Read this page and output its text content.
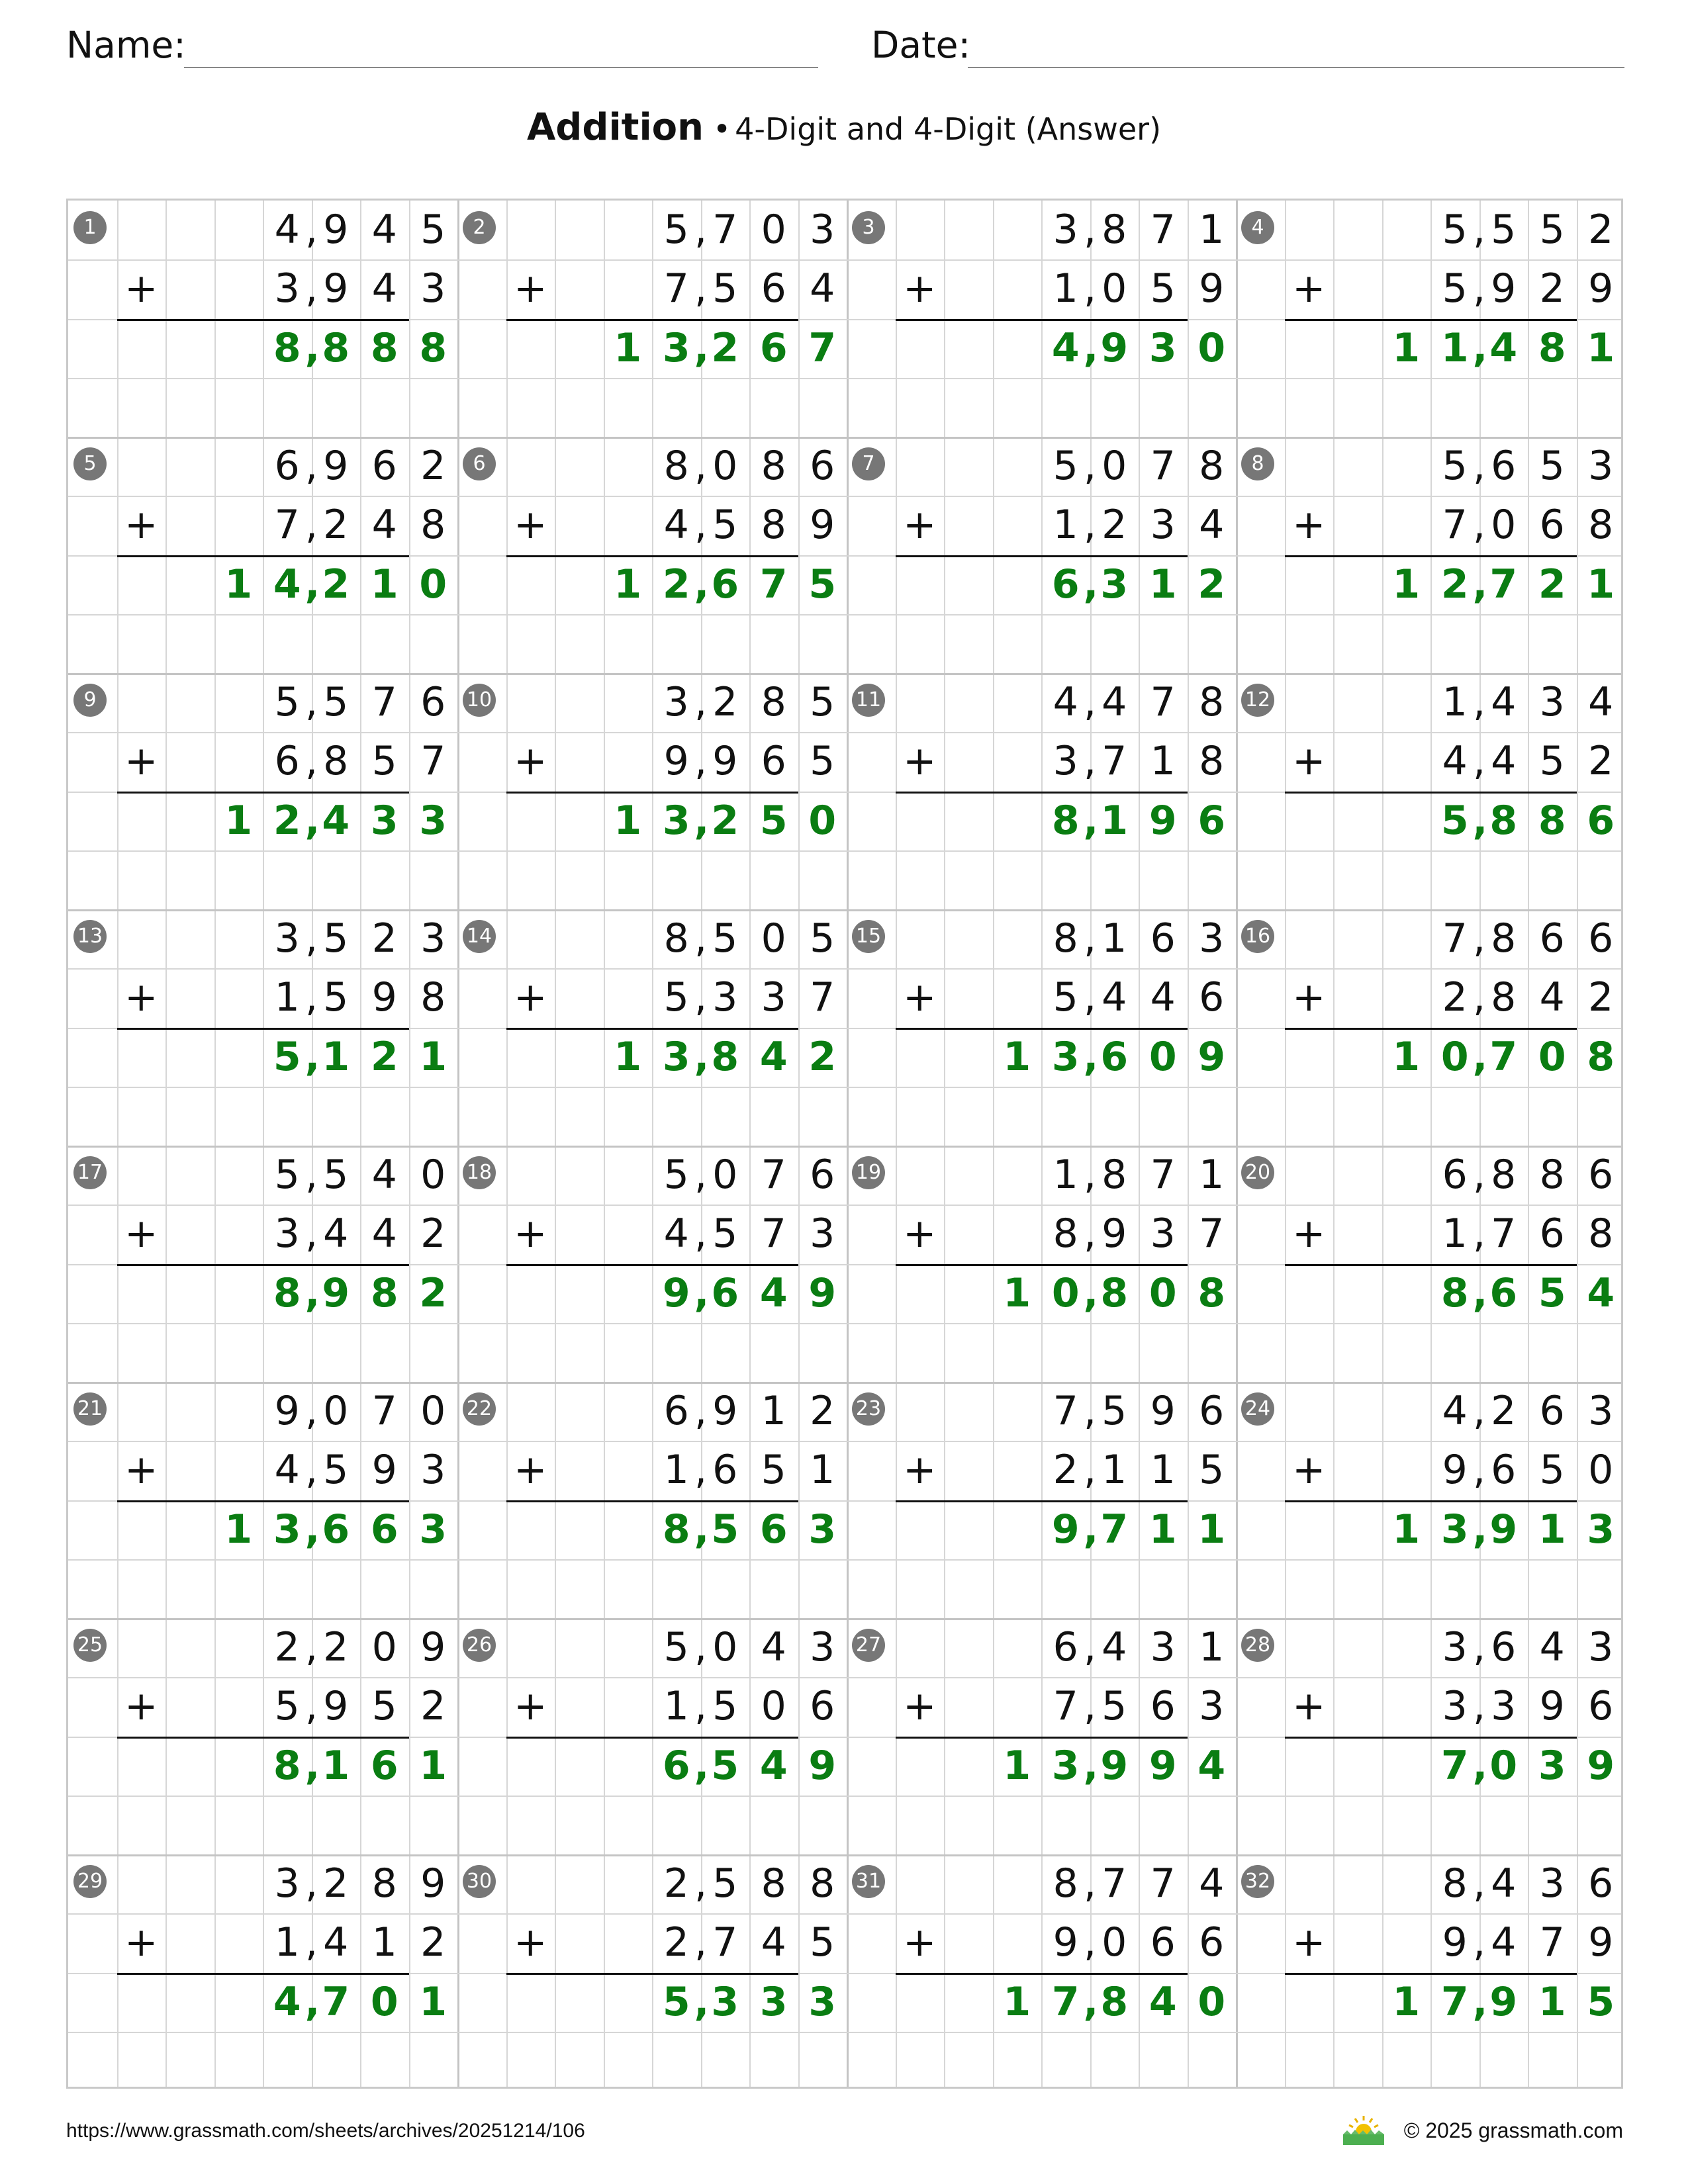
Name:	Date:
Addition • 4-Digit and 4-Digit (Answer)
1	4 9 4 5
,
+	3 9 4 3
,
8 8 8 8
,
2	5 7 0 3
,
+	7 5 6 4
,
1 3 2 6 7
,
3	3 8 7 1
,
+	1 0 5 9
,
4 9 3 0
,
4	5 5 5 2
,
+	5 9 2 9
,
1 1 4 8 1
,
5	6 9 6 2
,
+	7 2 4 8
,
1 4 2 1 0
,
6	8 0 8 6
,
+	4 5 8 9
,
1 2 6 7 5
,
7	5 0 7 8
,
+	1 2 3 4
,
6 3 1 2
,
8	5 6 5 3
,
+	7 0 6 8
,
1 2 7 2 1
,
9	5 5 7 6
,
+	6 8 5 7
,
1 2 4 3 3
,
10	3 2 8 5
,
+	9 9 6 5
,
1 3 2 5 0
,
11	4 4 7 8
,
+	3 7 1 8
,
8 1 9 6
,
12	1 4 3 4
,
+	4 4 5 2
,
5 8 8 6
,
13	3 5 2 3
,
+	1 5 9 8
,
5 1 2 1
,
14	8 5 0 5
,
+	5 3 3 7
,
1 3 8 4 2
,
15	8 1 6 3
,
+	5 4 4 6
,
1 3 6 0 9
,
16	7 8 6 6
,
+	2 8 4 2
,
1 0 7 0 8
,
17	5 5 4 0
,
+	3 4 4 2
,
8 9 8 2
,
18	5 0 7 6
,
+	4 5 7 3
,
9 6 4 9
,
19	1 8 7 1
,
+	8 9 3 7
,
1 0 8 0 8
,
20	6 8 8 6
,
+	1 7 6 8
,
8 6 5 4
,
21	9 0 7 0
,
+	4 5 9 3
,
1 3 6 6 3
,
22	6 9 1 2
,
+	1 6 5 1
,
8 5 6 3
,
23	7 5 9 6
,
+	2 1 1 5
,
9 7 1 1
,
24	4 2 6 3
,
+	9 6 5 0
,
1 3 9 1 3
,
25	2 2 0 9
,
+	5 9 5 2
,
8 1 6 1
,
26	5 0 4 3
,
+	1 5 0 6
,
6 5 4 9
,
27	6 4 3 1
,
+	7 5 6 3
,
1 3 9 9 4
,
28	3 6 4 3
,
+	3 3 9 6
,
7 0 3 9
,
29	3 2 8 9
,
+	1 4 1 2
,
4 7 0 1
,
30	2 5 8 8
,
+	2 7 4 5
,
5 3 3 3
,
31	8 7 7 4
,
+	9 0 6 6
,
1 7 8 4 0
,
32	8 4 3 6
,
+	9 4 7 9
,
1 7 9 1 5
,
https://www.grassmath.com/sheets/archives/20251214/106	© 2025 grassmath.com
